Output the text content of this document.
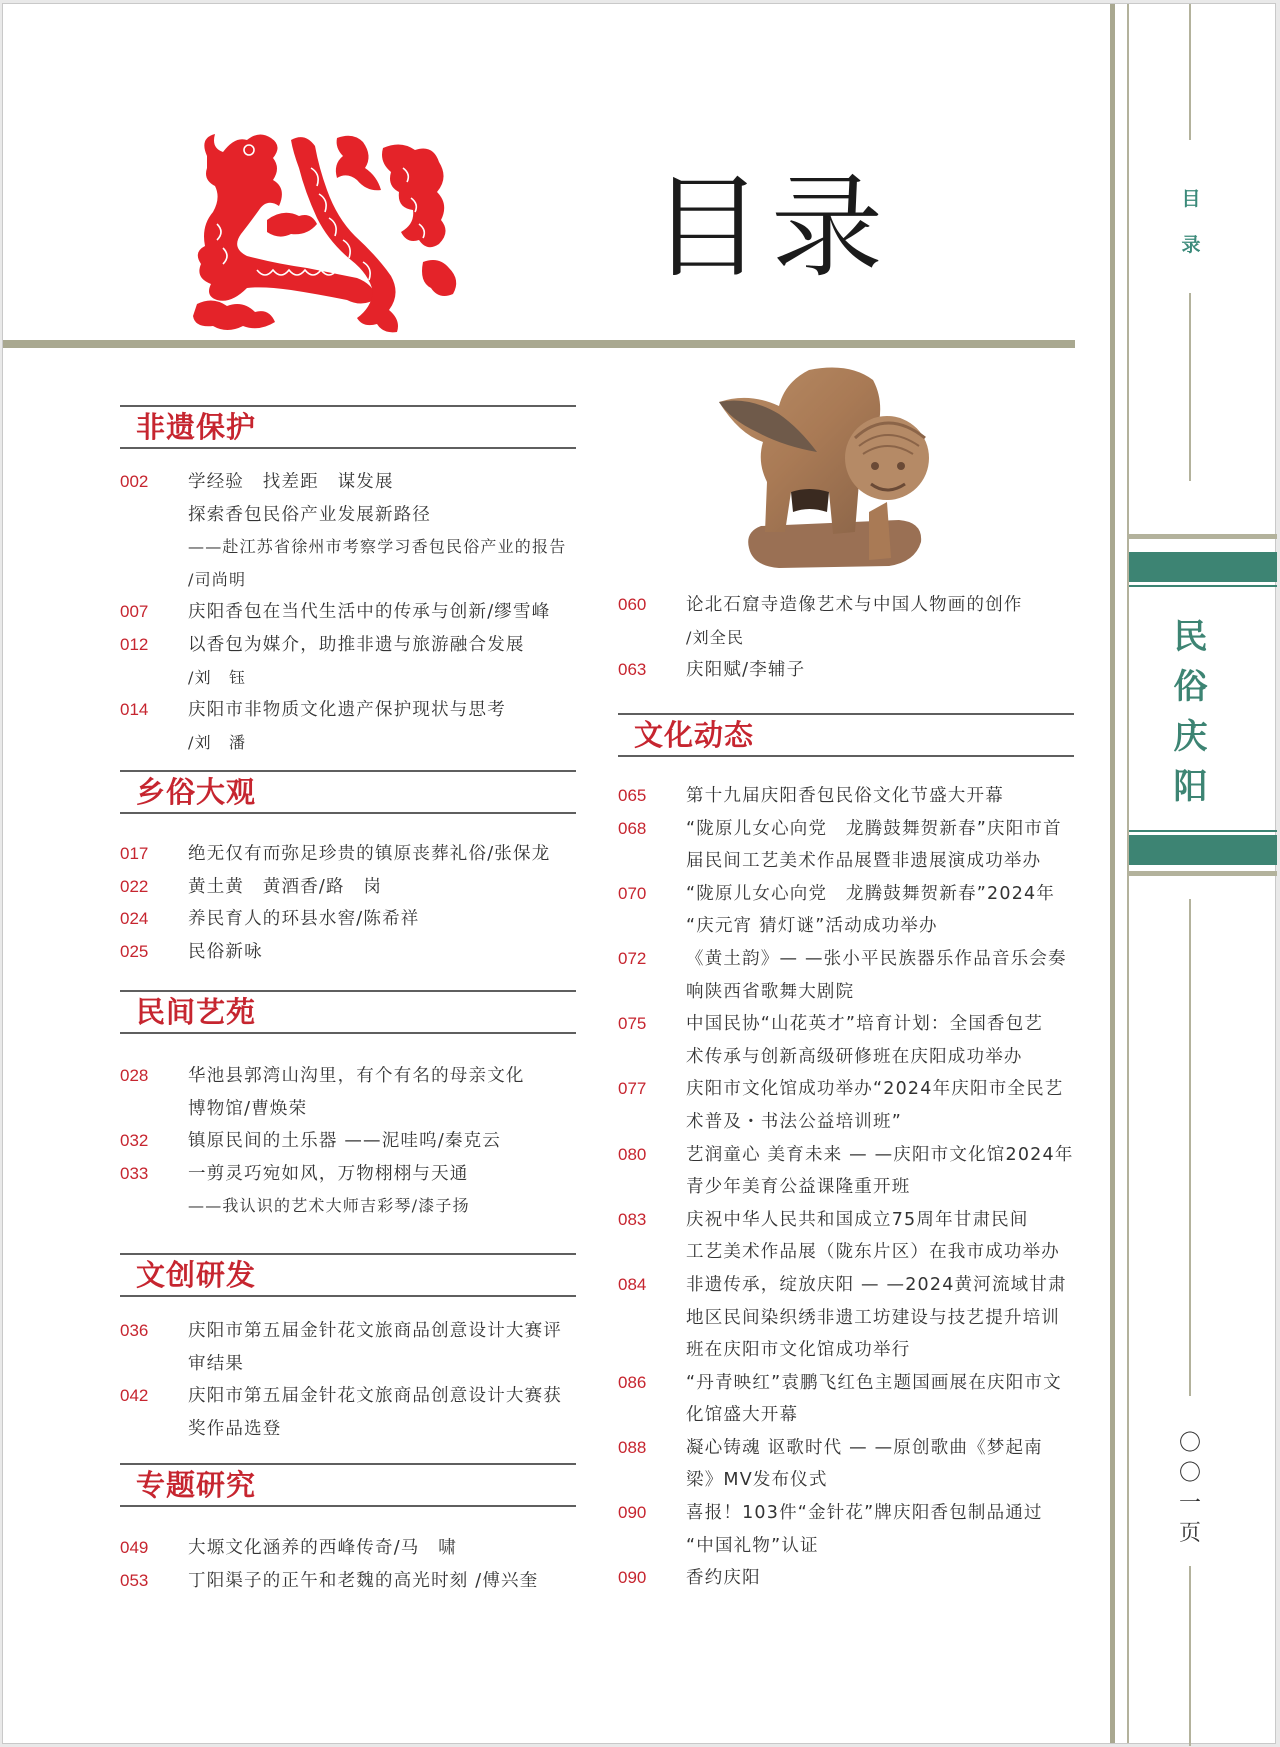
目录	目
录
民
俗
庆
阳
〇
〇
一
页
非遗保护
002	学经验　找差距　谋发展
探索香包民俗产业发展新路径
——赴江苏省徐州市考察学习香包民俗产业的报告
/司尚明
007	庆阳香包在当代生活中的传承与创新/缪雪峰
012	以香包为媒介，助推非遗与旅游融合发展
/刘　钰
014	庆阳市非物质文化遗产保护现状与思考
/刘　潘
乡俗大观
017	绝无仅有而弥足珍贵的镇原丧葬礼俗/张保龙
022	黄土黄　黄酒香/路　岗
024	养民育人的环县水窖/陈希祥
025	民俗新咏
民间艺苑
028	华池县郭湾山沟里，有个有名的母亲文化
博物馆/曹焕荣
032	镇原民间的土乐器 ——泥哇呜/秦克云
033	一剪灵巧宛如风，万物栩栩与天通
——我认识的艺术大师吉彩琴/漆子扬
文创研发
036	庆阳市第五届金针花文旅商品创意设计大赛评
审结果
042	庆阳市第五届金针花文旅商品创意设计大赛获
奖作品选登
专题研究
049	大塬文化涵养的西峰传奇/马　啸
053	丁阳渠子的正午和老魏的高光时刻 /傅兴奎
060	论北石窟寺造像艺术与中国人物画的创作
/刘全民
063	庆阳赋/李辅子
文化动态
065	第十九届庆阳香包民俗文化节盛大开幕
068	“陇原儿女心向党　龙腾鼓舞贺新春”庆阳市首
届民间工艺美术作品展暨非遗展演成功举办
070	“陇原儿女心向党　龙腾鼓舞贺新春”2024年
“庆元宵 猜灯谜”活动成功举办
072	《黄土韵》— —张小平民族器乐作品音乐会奏
响陕西省歌舞大剧院
075	中国民协“山花英才”培育计划：全国香包艺
术传承与创新高级研修班在庆阳成功举办
077	庆阳市文化馆成功举办“2024年庆阳市全民艺
术普及・书法公益培训班”
080	艺润童心 美育未来 — —庆阳市文化馆2024年
青少年美育公益课隆重开班
083	庆祝中华人民共和国成立75周年甘肃民间
工艺美术作品展（陇东片区）在我市成功举办
084	非遗传承，绽放庆阳 — —2024黄河流域甘肃
地区民间染织绣非遗工坊建设与技艺提升培训
班在庆阳市文化馆成功举行
086	“丹青映红”袁鹏飞红色主题国画展在庆阳市文
化馆盛大开幕
088	凝心铸魂 讴歌时代 — —原创歌曲《梦起南
梁》MV发布仪式
090	喜报！103件“金针花”牌庆阳香包制品通过
“中国礼物”认证
090	香约庆阳
